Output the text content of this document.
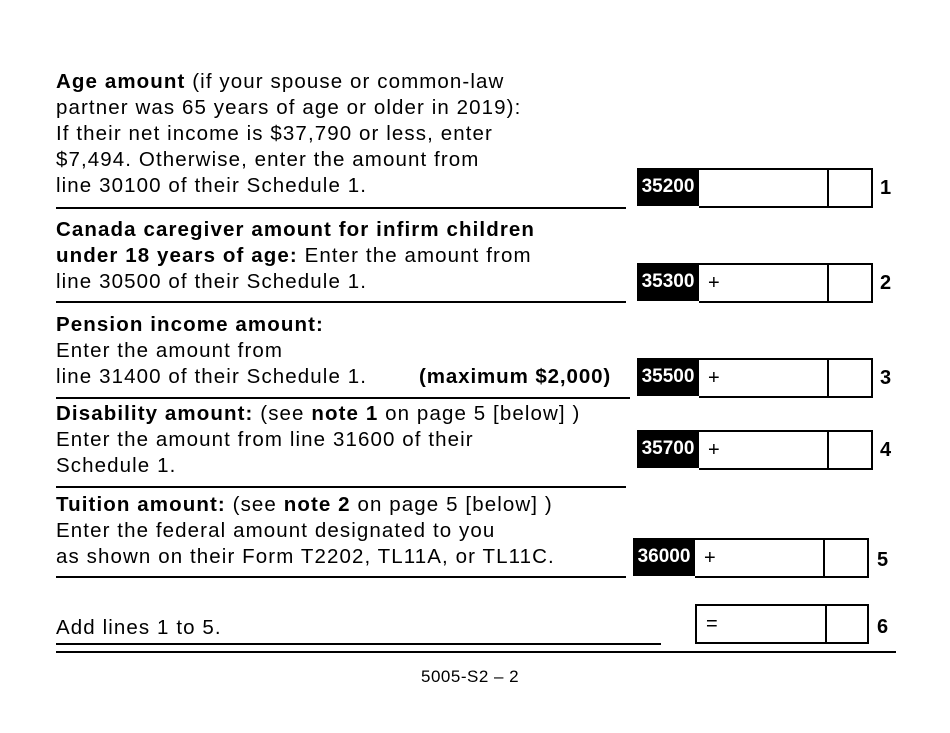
Age amount (if your spouse or common-law
partner was 65 years of age or older in 2019):
If their net income is $37,790 or less, enter
$7,494. Otherwise, enter the amount from
line 30100 of their Schedule 1.	35200	1
Canada caregiver amount for infirm children
under 18 years of age: Enter the amount from
line 30500 of their Schedule 1.	35300 +	2
Pension income amount:
Enter the amount from
line 31400 of their Schedule 1.	(maximum $2,000) 35500 +	3
Disability amount: (see note 1 on page 5 [below] )
Enter the amount from line 31600 of their
Schedule 1.
35700 +	4
Tuition amount: (see note 2 on page 5 [below] )
Enter the federal amount designated to you
as shown on their Form T2202, TL11A, or TL11C.	36000 +	5
Add lines 1 to 5.	=	6
5005-S2 – 2
